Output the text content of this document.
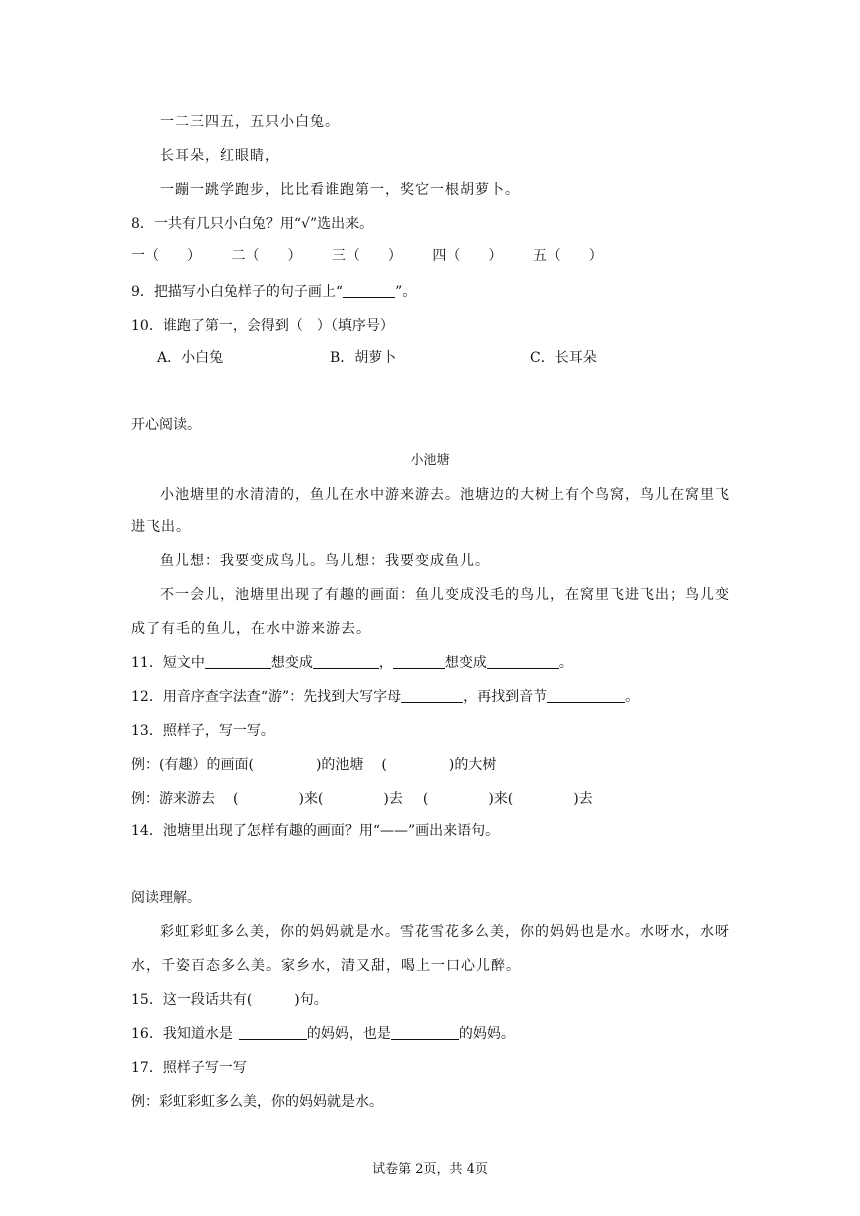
一二三四五，五只小白兔。
长耳朵，红眼睛，
一蹦一跳学跑步，比比看谁跑第一，奖它一根胡萝卜。
8．一共有几只小白兔？用“√”选出来。
一（　　） 二（　　） 三（　　） 四（　　） 五（　　）
9．把描写小白兔样子的句子画上“	”。
10．谁跑了第一，会得到（　）（填序号）
A．小白兔	B．胡萝卜	C．长耳朵
开心阅读。
小池塘
小池塘里的水清清的，鱼儿在水中游来游去。池塘边的大树上有个鸟窝，鸟儿在窝里飞
进飞出。
鱼儿想：我要变成鸟儿。鸟儿想：我要变成鱼儿。
不一会儿，池塘里出现了有趣的画面：鱼儿变成没毛的鸟儿，在窝里飞进飞出；鸟儿变
成了有毛的鱼儿，在水中游来游去。
11．短文中	想变成	，	想变成	。
12．用音序查字法查“游”：先找到大写字母	，再找到音节	。
13．照样子，写一写。
例：(有趣）的画面(	)的池塘 (	)的大树
例：游来游去 (	)来(	)去 (	)来(	)去
14．池塘里出现了怎样有趣的画面？用“——”画出来语句。
阅读理解。
彩虹彩虹多么美，你的妈妈就是水。雪花雪花多么美，你的妈妈也是水。水呀水，水呀
水，千姿百态多么美。家乡水，清又甜，喝上一口心儿醉。
15．这一段话共有(	)句。
16．我知道水是	的妈妈，也是	的妈妈。
17．照样子写一写
例：彩虹彩虹多么美，你的妈妈就是水。
试卷第 2页，共 4页
